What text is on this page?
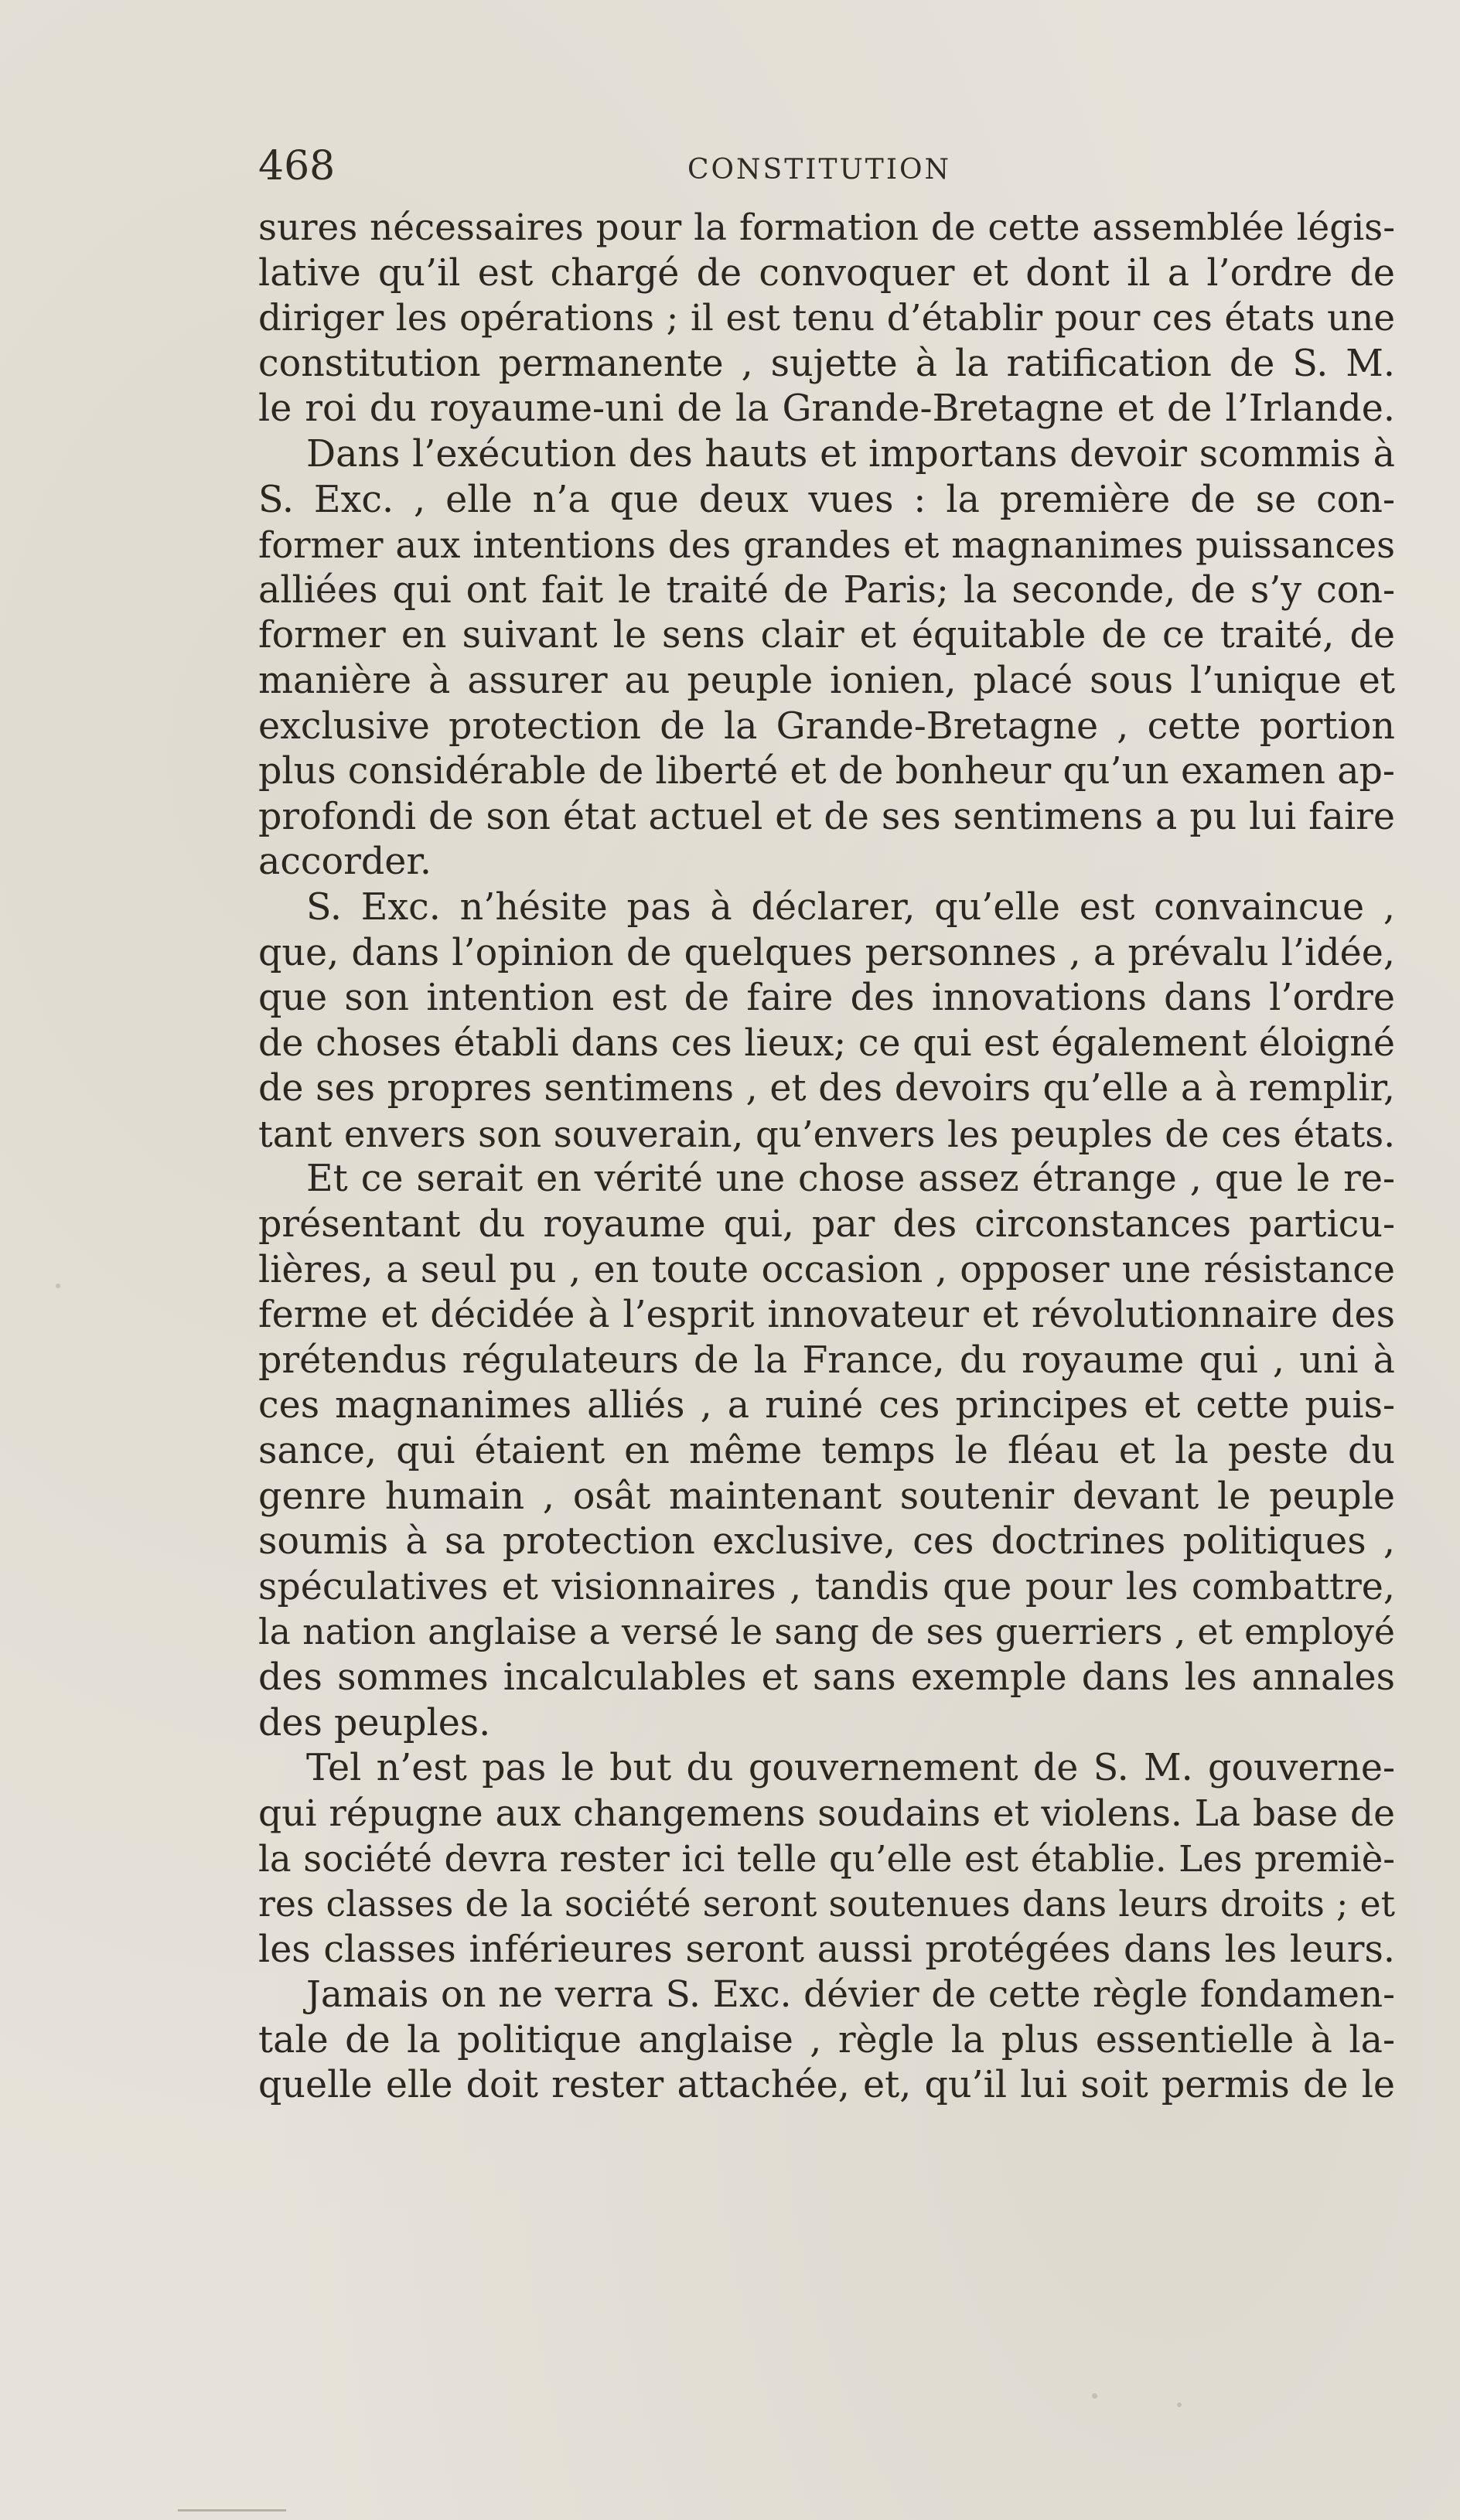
468	CONSTITUTION

sures nécessaires pour la formation de cette assemblée légis-
lative qu’il est chargé de convoquer et dont il a l’ordre de
diriger les opérations ; il est tenu d’établir pour ces états une
constitution permanente , sujette à la ratification de S. M.
le roi du royaume-uni de la Grande-Bretagne et de l’Irlande.

Dans l’exécution des hauts et importans devoir scommis à
S. Exc. , elle n’a que deux vues : la première de se con-
former aux intentions des grandes et magnanimes puissances
alliées qui ont fait le traité de Paris; la seconde, de s’y con-
former en suivant le sens clair et équitable de ce traité, de
manière à assurer au peuple ionien, placé sous l’unique et
exclusive protection de la Grande-Bretagne , cette portion
plus considérable de liberté et de bonheur qu’un examen ap-
profondi de son état actuel et de ses sentimens a pu lui faire
accorder.

S. Exc. n’hésite pas à déclarer, qu’elle est convaincue ,
que, dans l’opinion de quelques personnes , a prévalu l’idée,
que son intention est de faire des innovations dans l’ordre
de choses établi dans ces lieux; ce qui est également éloigné
de ses propres sentimens , et des devoirs qu’elle a à remplir,
tant envers son souverain, qu’envers les peuples de ces états.

Et ce serait en vérité une chose assez étrange , que le re-
présentant du royaume qui, par des circonstances particu-
lières, a seul pu , en toute occasion , opposer une résistance
ferme et décidée à l’esprit innovateur et révolutionnaire des
prétendus régulateurs de la France, du royaume qui , uni à
ces magnanimes alliés , a ruiné ces principes et cette puis-
sance, qui étaient en même temps le fléau et la peste du
genre humain , osât maintenant soutenir devant le peuple
soumis à sa protection exclusive, ces doctrines politiques ,
spéculatives et visionnaires , tandis que pour les combattre,
la nation anglaise a versé le sang de ses guerriers , et employé
des sommes incalculables et sans exemple dans les annales
des peuples.

Tel n’est pas le but du gouvernement de S. M. gouverne-
qui répugne aux changemens soudains et violens. La base de
la société devra rester ici telle qu’elle est établie. Les premiè-
res classes de la société seront soutenues dans leurs droits ; et
les classes inférieures seront aussi protégées dans les leurs.

Jamais on ne verra S. Exc. dévier de cette règle fondamen-
tale de la politique anglaise , règle la plus essentielle à la-
quelle elle doit rester attachée, et, qu’il lui soit permis de le
